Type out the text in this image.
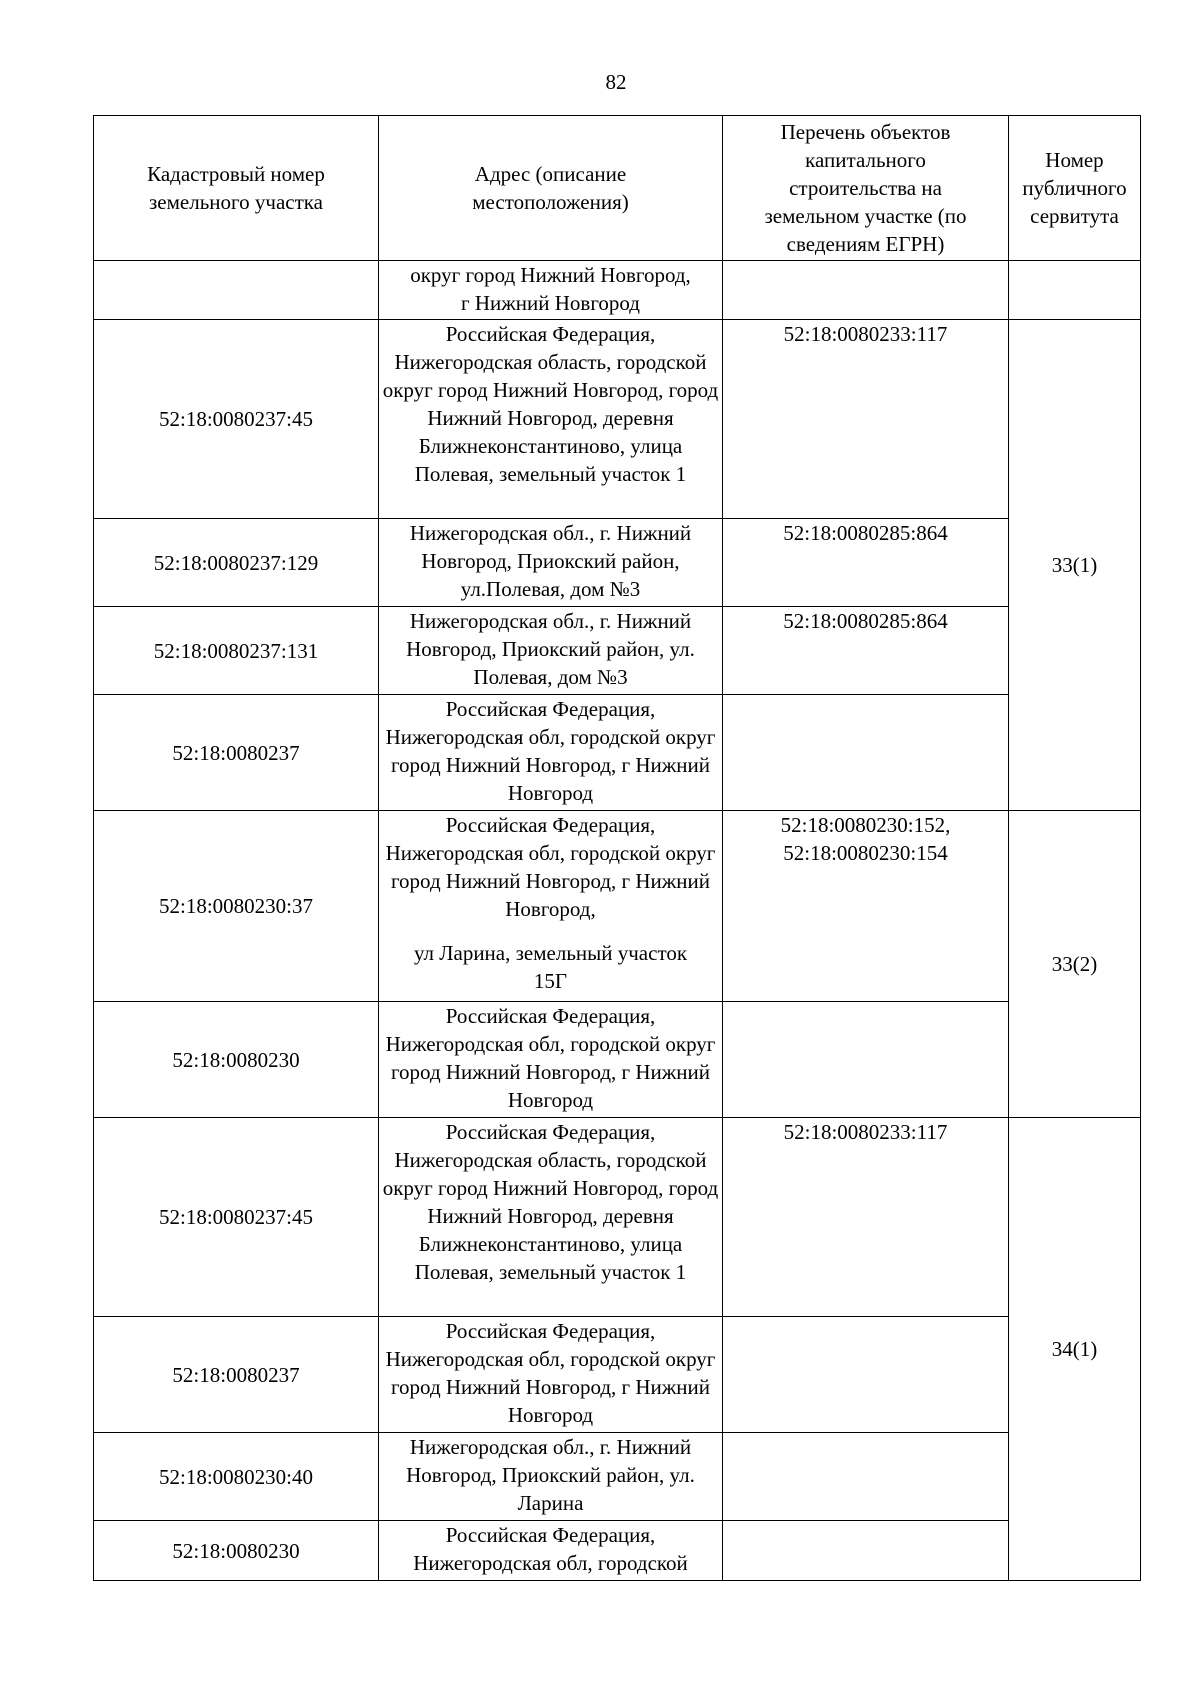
82
Кадастровый номер земельного участка	Адрес (описание местоположения)	Перечень объектов капитального строительства на земельном участке (по сведениям ЕГРН)	Номер публичного сервитута
	округ город Нижний Новгород, г Нижний Новгород		
52:18:0080237:45	Российская Федерация, Нижегородская область, городской округ город Нижний Новгород, город Нижний Новгород, деревня Ближнеконстантиново, улица Полевая, земельный участок 1	52:18:0080233:117	33(1)
52:18:0080237:129	Нижегородская обл., г. Нижний Новгород, Приокский район, ул.Полевая, дом №3	52:18:0080285:864	
52:18:0080237:131	Нижегородская обл., г. Нижний Новгород, Приокский район, ул. Полевая, дом №3	52:18:0080285:864	
52:18:0080237	Российская Федерация, Нижегородская обл, городской округ город Нижний Новгород, г Нижний Новгород		
52:18:0080230:37	Российская Федерация, Нижегородская обл, городской округ город Нижний Новгород, г Нижний Новгород,
ул Ларина, земельный участок 15Г	52:18:0080230:152, 52:18:0080230:154	33(2)
52:18:0080230	Российская Федерация, Нижегородская обл, городской округ город Нижний Новгород, г Нижний Новгород		
52:18:0080237:45	Российская Федерация, Нижегородская область, городской округ город Нижний Новгород, город Нижний Новгород, деревня Ближнеконстантиново, улица Полевая, земельный участок 1	52:18:0080233:117	34(1)
52:18:0080237	Российская Федерация, Нижегородская обл, городской округ город Нижний Новгород, г Нижний Новгород		
52:18:0080230:40	Нижегородская обл., г. Нижний Новгород, Приокский район, ул. Ларина		
52:18:0080230	Российская Федерация, Нижегородская обл, городской		
